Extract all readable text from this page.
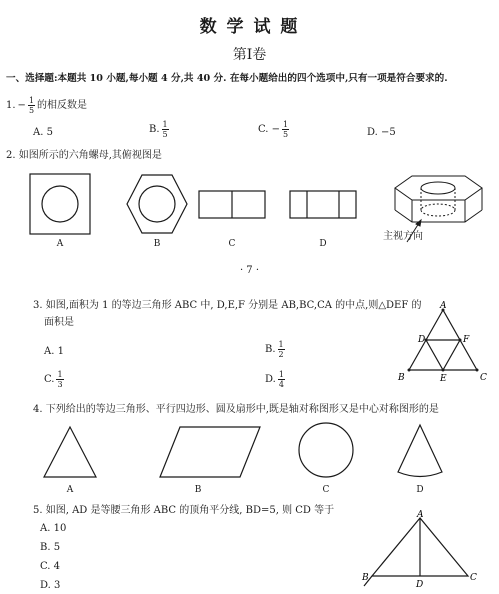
数 学 试 题
第Ⅰ卷
一、选择题:本题共 10 小题,每小题 4 分,共 40 分. 在每小题给出的四个选项中,只有一项是符合要求的.
1. − $\frac{1}{5}$ 的相反数是
A. 5	B. $\frac{1}{5}$	C. − $\frac{1}{5}$	D. −5
2. 如图所示的六角螺母,其俯视图是
A	B	C	D
主视方向
· 7 ·
3. 如图,面积为 1 的等边三角形 ABC 中, D,E,F 分别是 AB,BC,CA 的中点,则△DEF 的
面积是
A. 1	B. $\frac{1}{2}$
C. $\frac{1}{3}$	D. $\frac{1}{4}$
A
B	C
D
E
F
4. 下列给出的等边三角形、平行四边形、圆及扇形中,既是轴对称图形又是中心对称图形的是
A	B	C	D
5. 如图, AD 是等腰三角形 ABC 的顶角平分线, BD=5, 则 CD 等于
A. 10
B. 5
C. 4
D. 3
A
B
D
C
